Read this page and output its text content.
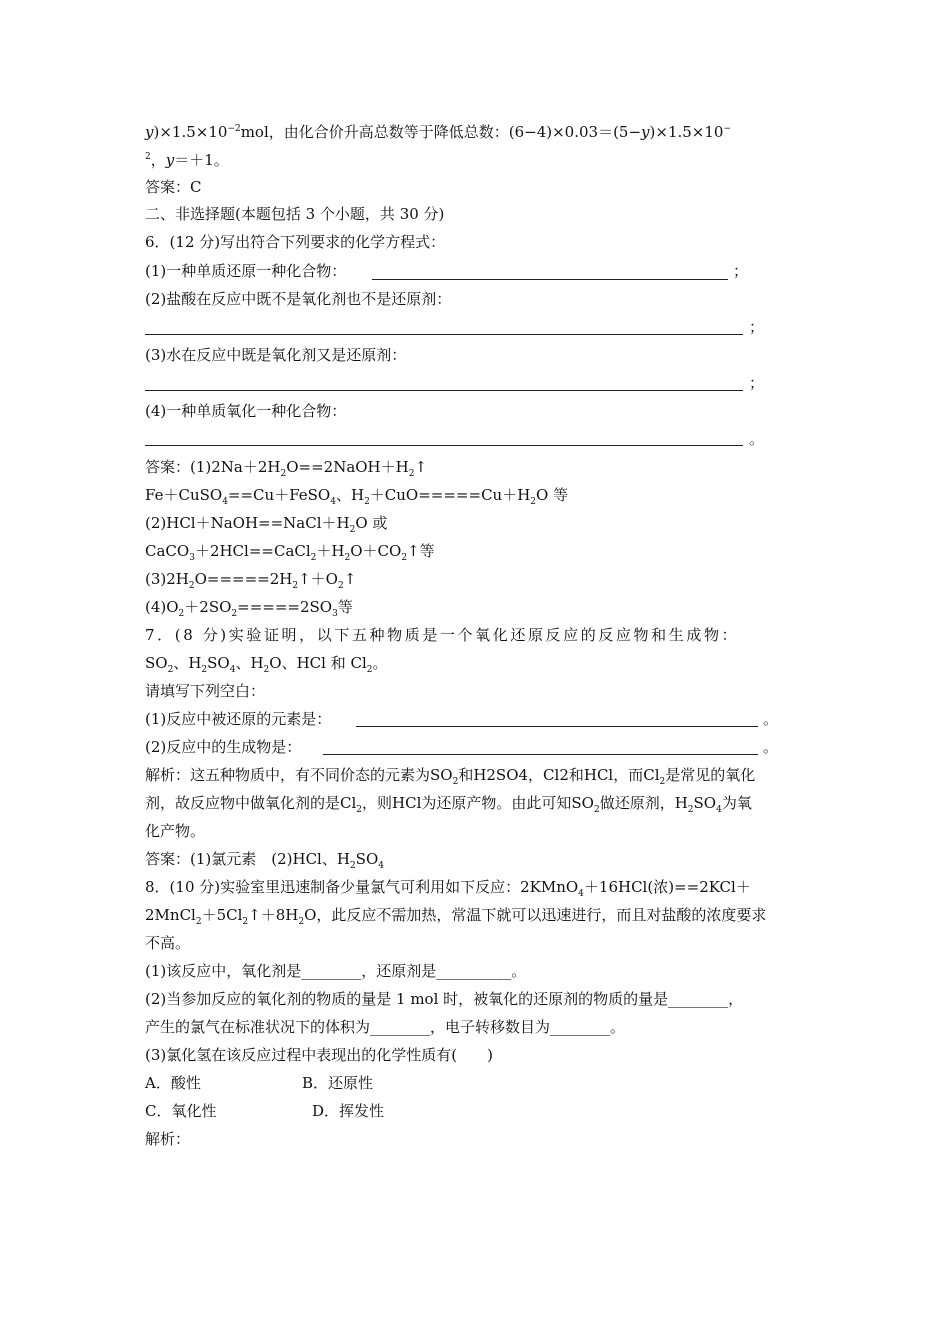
$y)\times 1.5\times 10^{-2}mol$，由化合价升高总数等于降低总数：(6−4)×0.03＝(5−y)×1.5×10−
$^2$，y＝＋1。
答案：C
二、非选择题(本题包括 3 个小题，共 30 分)
6．(12 分)写出符合下列要求的化学方程式：
(1)一种单质还原一种化合物：	；
(2)盐酸在反应中既不是氧化剂也不是还原剂：
；
(3)水在反应中既是氧化剂又是还原剂：
；
(4)一种单质氧化一种化合物：
。
答案：$(1)2Na+2H_2O==2NaOH+H_2↑$
Fe＋CuSO$_4$==Cu＋FeSO$_4$、$H_2+CuO=====Cu+H_2O$ 等
$(2)HCl+NaOH==NaCl+H_2O$ 或
$CaCO_3+2HCl==CaCl_2+H_2O+CO_2↑$等
$(3)2H_2O=====2H_2↑+O_2↑$
$(4)O_2+2SO_2=====2SO_3$等
7．(8 分)实验证明，以下五种物质是一个氧化还原反应的反应物和生成物：
$SO_2$、$H_2SO_4$、$H_2O$、HCl 和 $Cl_2$。
请填写下列空白：
(1)反应中被还原的元素是：	。
(2)反应中的生成物是：	。
解析：这五种物质中，有不同价态的元素为$SO_2$和H2SO4，Cl2和HCl，而$Cl_2$是常见的氧化
剂，故反应物中做氧化剂的是$Cl_2$，则HCl为还原产物。由此可知$SO_2$做还原剂，$H_2SO_4$为氧
化产物。
答案：(1)氯元素　(2)HCl、$H_2SO_4$
8．(10 分)实验室里迅速制备少量氯气可利用如下反应：2KMnO$_4$＋16HCl(浓)==2KCl＋
$2MnCl_2+5Cl_2↑+8H_2O$，此反应不需加热，常温下就可以迅速进行，而且对盐酸的浓度要求
不高。
(1)该反应中，氧化剂是________，还原剂是__________。
(2)当参加反应的氧化剂的物质的量是 1 mol 时，被氧化的还原剂的物质的量是________，
产生的氯气在标准状况下的体积为________，电子转移数目为________。
(3)氯化氢在该反应过程中表现出的化学性质有(　　)
A．酸性	B．还原性
C．氧化性	D．挥发性
解析：
